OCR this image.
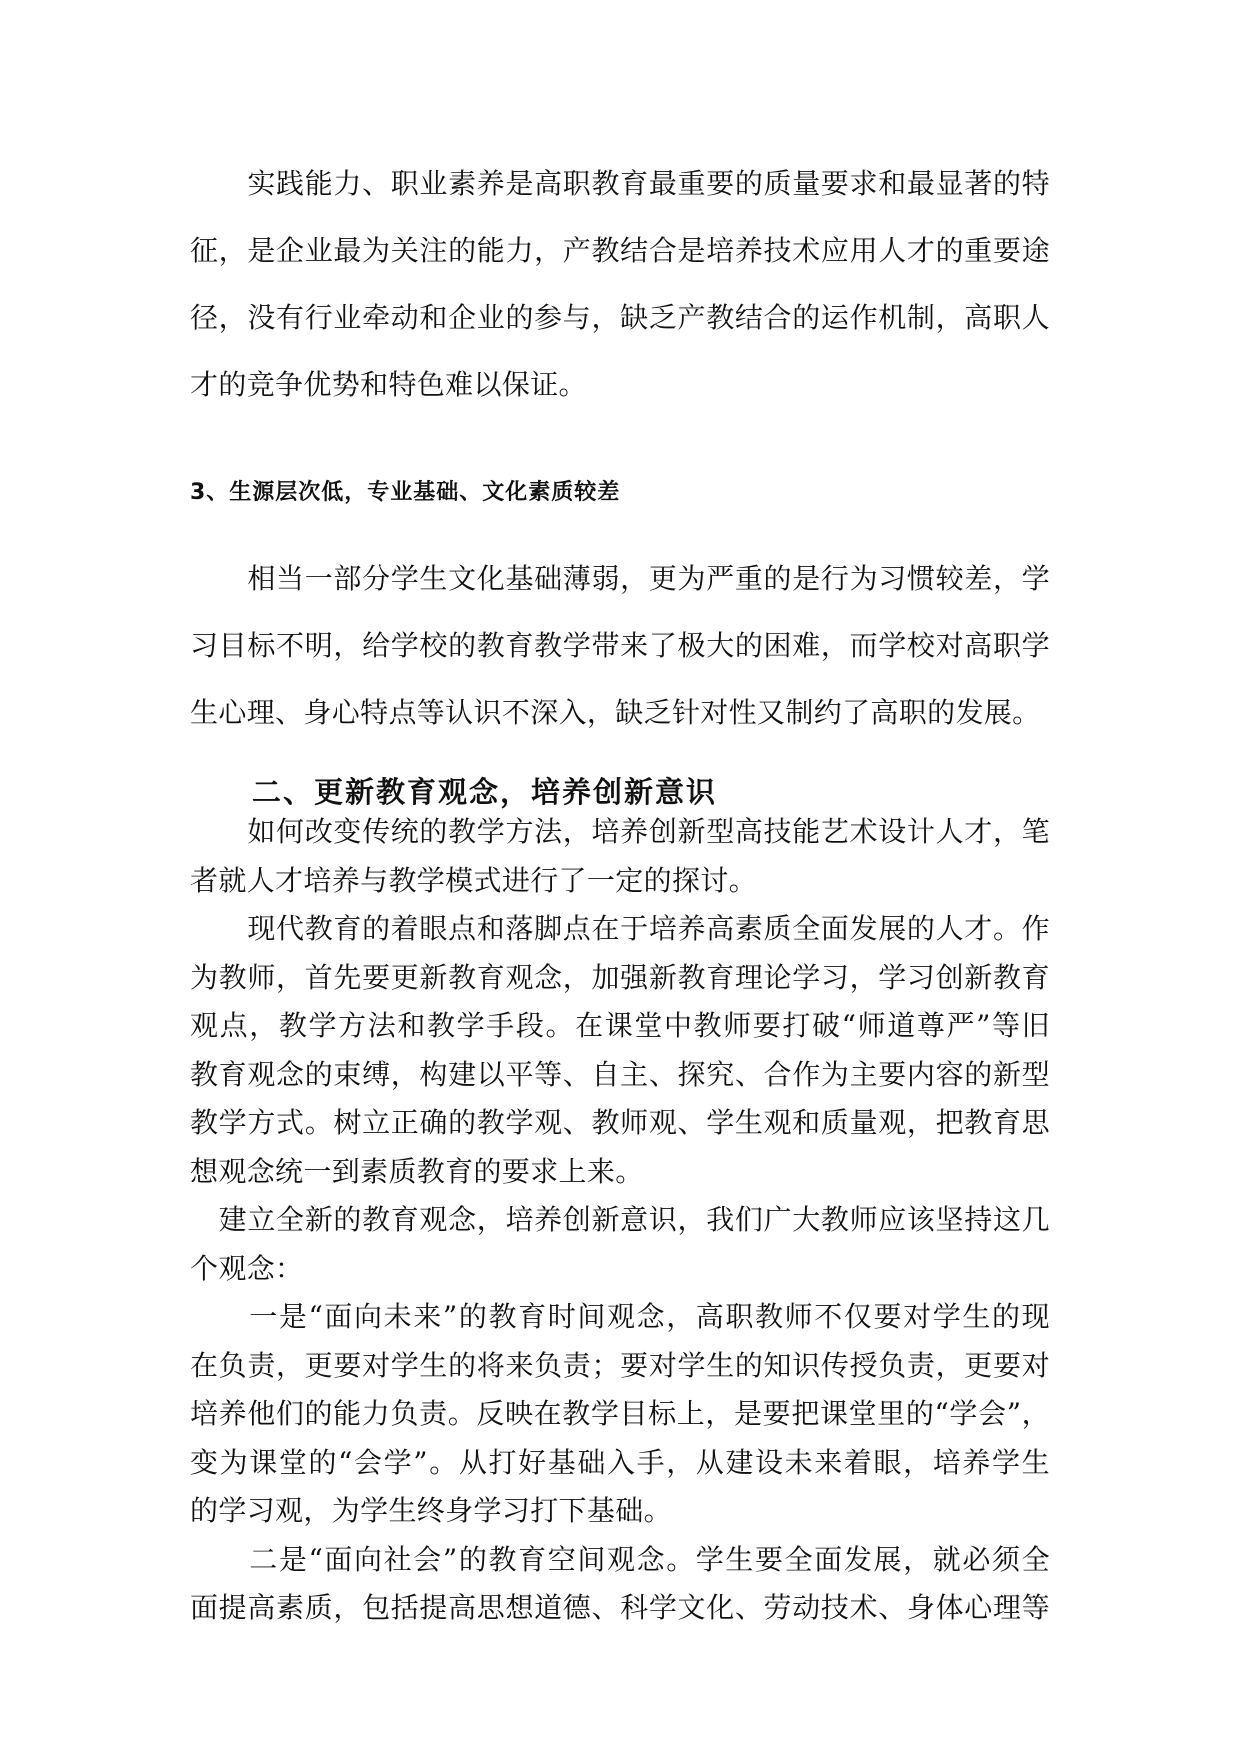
　　实践能力、职业素养是高职教育最重要的质量要求和最显著的特
征，是企业最为关注的能力，产教结合是培养技术应用人才的重要途
径，没有行业牵动和企业的参与，缺乏产教结合的运作机制，高职人
才的竞争优势和特色难以保证。

3、生源层次低，专业基础、文化素质较差

　　相当一部分学生文化基础薄弱，更为严重的是行为习惯较差，学
习目标不明，给学校的教育教学带来了极大的困难，而学校对高职学
生心理、身心特点等认识不深入，缺乏针对性又制约了高职的发展。

二、更新教育观念，培养创新意识
　　如何改变传统的教学方法，培养创新型高技能艺术设计人才，笔
者就人才培养与教学模式进行了一定的探讨。
　　现代教育的着眼点和落脚点在于培养高素质全面发展的人才。作
为教师，首先要更新教育观念，加强新教育理论学习，学习创新教育
观点，教学方法和教学手段。在课堂中教师要打破“师道尊严”等旧
教育观念的束缚，构建以平等、自主、探究、合作为主要内容的新型
教学方式。树立正确的教学观、教师观、学生观和质量观，把教育思
想观念统一到素质教育的要求上来。
　建立全新的教育观念，培养创新意识，我们广大教师应该坚持这几
个观念：
　　一是“面向未来”的教育时间观念，高职教师不仅要对学生的现
在负责，更要对学生的将来负责；要对学生的知识传授负责，更要对
培养他们的能力负责。反映在教学目标上，是要把课堂里的“学会”，
变为课堂的“会学”。从打好基础入手，从建设未来着眼，培养学生
的学习观，为学生终身学习打下基础。
　　二是“面向社会”的教育空间观念。学生要全面发展，就必须全
面提高素质，包括提高思想道德、科学文化、劳动技术、身体心理等
